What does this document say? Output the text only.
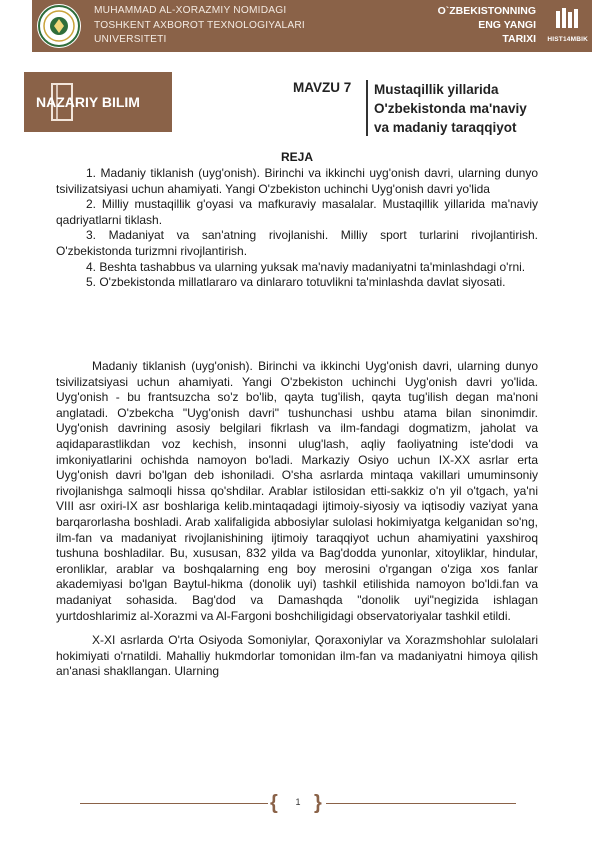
MUHAMMAD AL-XORAZMIY NOMIDAGI
TOSHKENT AXBOROT TEXNOLOGIYALARI
UNIVERSITETI
O`ZBEKISTONNING
ENG YANGI
TARIXI HIST14MBIK
NAZARIY BILIM
MAVZU 7 Mustaqillik yillarida
O'zbekistonda ma'naviy
va madaniy taraqqiyot
REJA

1. Madaniy tiklanish (uyg'onish). Birinchi va ikkinchi uyg'onish davri, ularning dunyo tsivilizatsiyasi uchun ahamiyati. Yangi O'zbekiston uchinchi Uyg'onish davri yo'lida

2. Milliy mustaqillik g'oyasi va mafkuraviy masalalar. Mustaqillik yillarida ma'naviy qadriyatlarni tiklash.

3. Madaniyat va san'atning rivojlanishi. Milliy sport turlarini rivojlantirish. O'zbekistonda turizmni rivojlantirish.

4. Beshta tashabbus va ularning yuksak ma'naviy madaniyatni ta'minlashdagi o'rni.

5. O'zbekistonda millatlararo va dinlararo totuvlikni ta'minlashda davlat siyosati.

Madaniy tiklanish (uyg'onish). Birinchi va ikkinchi Uyg'onish davri, ularning dunyo tsivilizatsiyasi uchun ahamiyati. Yangi O'zbekiston uchinchi Uyg'onish davri yo'lida. Uyg'onish - bu frantsuzcha so'z bo'lib, qayta tug'ilish, qayta tug'ilish degan ma'noni anglatadi. O'zbekcha "Uyg'onish davri" tushunchasi ushbu atama bilan sinonimdir. Uyg'onish davrining asosiy belgilari fikrlash va ilm-fandagi dogmatizm, jaholat va aqidaparastlikdan voz kechish, insonni ulug'lash, aqliy faoliyatning iste'dodi va imkoniyatlarini ochishda namoyon bo'ladi. Markaziy Osiyo uchun IX-XX asrlar erta Uyg'onish davri bo'lgan deb ishoniladi. O'sha asrlarda mintaqa vakillari umuminsoniy rivojlanishga salmoqli hissa qo'shdilar. Arablar istilosidan etti-sakkiz o'n yil o'tgach, ya'ni VIII asr oxiri-IX asr boshlariga kelib.mintaqadagi ijtimoiy-siyosiy va iqtisodiy vaziyat yana barqarorlasha boshladi. Arab xalifaligida abbosiylar sulolasi hokimiyatga kelganidan so'ng, ilm-fan va madaniyat rivojlanishining ijtimoiy taraqqiyot uchun ahamiyatini yaxshiroq tushuna boshladilar. Bu, xususan, 832 yilda va Bag'dodda yunonlar, xitoyliklar, hindular, eronliklar, arablar va boshqalarning eng boy merosini o'rgangan o'ziga xos fanlar akademiyasi bo'lgan Baytul-hikma (donolik uyi) tashkil etilishida namoyon bo'ldi.fan va madaniyat sohasida. Bag'dod va Damashqda "donolik uyi"negizida ishlagan yurtdoshlarimiz al-Xorazmi va Al-Fargoni boshchiligidagi observatoriyalar tashkil etildi.

X-XI asrlarda O'rta Osiyoda Somoniylar, Qoraxoniylar va Xorazmshohlar sulolalari hokimiyati o'rnatildi. Mahalliy hukmdorlar tomonidan ilm-fan va madaniyatni himoya qilish an'anasi shakllangan. Ularning

{	1 }
